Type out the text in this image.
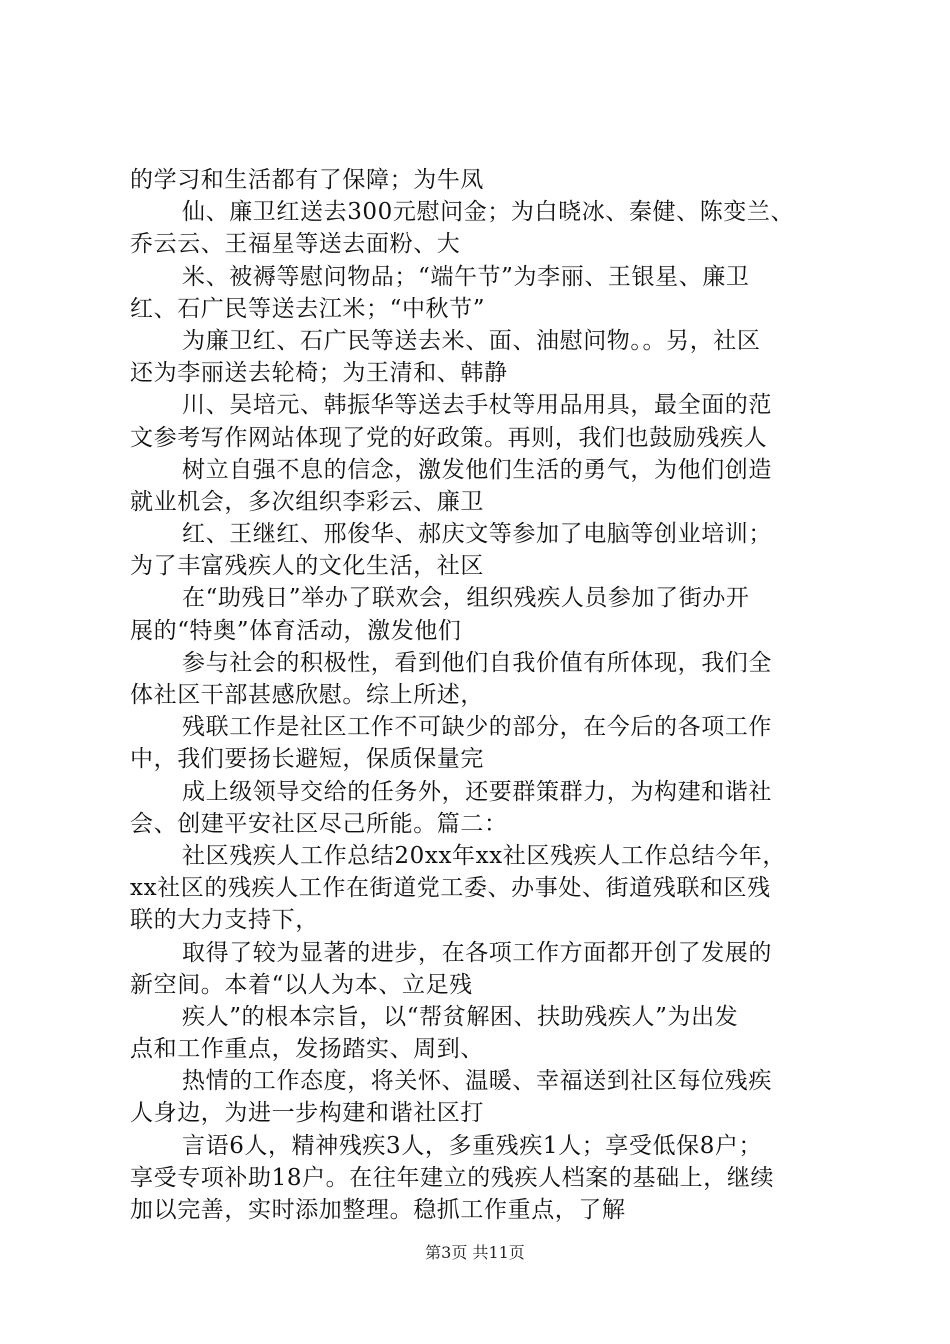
的学习和生活都有了保障；为牛凤
仙、廉卫红送去300元慰问金；为白晓冰、秦健、陈变兰、
乔云云、王福星等送去面粉、大
米、被褥等慰问物品；“端午节”为李丽、王银星、廉卫
红、石广民等送去江米；“中秋节”
为廉卫红、石广民等送去米、面、油慰问物。。另，社区
还为李丽送去轮椅；为王清和、韩静
川、吴培元、韩振华等送去手杖等用品用具，最全面的范
文参考写作网站体现了党的好政策。再则，我们也鼓励残疾人
树立自强不息的信念，激发他们生活的勇气，为他们创造
就业机会，多次组织李彩云、廉卫
红、王继红、邢俊华、郝庆文等参加了电脑等创业培训；
为了丰富残疾人的文化生活，社区
在“助残日”举办了联欢会，组织残疾人员参加了街办开
展的“特奥”体育活动，激发他们
参与社会的积极性，看到他们自我价值有所体现，我们全
体社区干部甚感欣慰。综上所述，
残联工作是社区工作不可缺少的部分，在今后的各项工作
中，我们要扬长避短，保质保量完
成上级领导交给的任务外，还要群策群力，为构建和谐社
会、创建平安社区尽己所能。篇二：
社区残疾人工作总结20xx年xx社区残疾人工作总结今年，
xx社区的残疾人工作在街道党工委、办事处、街道残联和区残
联的大力支持下，
取得了较为显著的进步，在各项工作方面都开创了发展的
新空间。本着“以人为本、立足残
疾人”的根本宗旨，以“帮贫解困、扶助残疾人”为出发
点和工作重点，发扬踏实、周到、
热情的工作态度，将关怀、温暖、幸福送到社区每位残疾
人身边，为进一步构建和谐社区打
言语6人，精神残疾3人，多重残疾1人；享受低保8户；
享受专项补助18户。在往年建立的残疾人档案的基础上，继续
加以完善，实时添加整理。稳抓工作重点，了解
第3页 共11页
